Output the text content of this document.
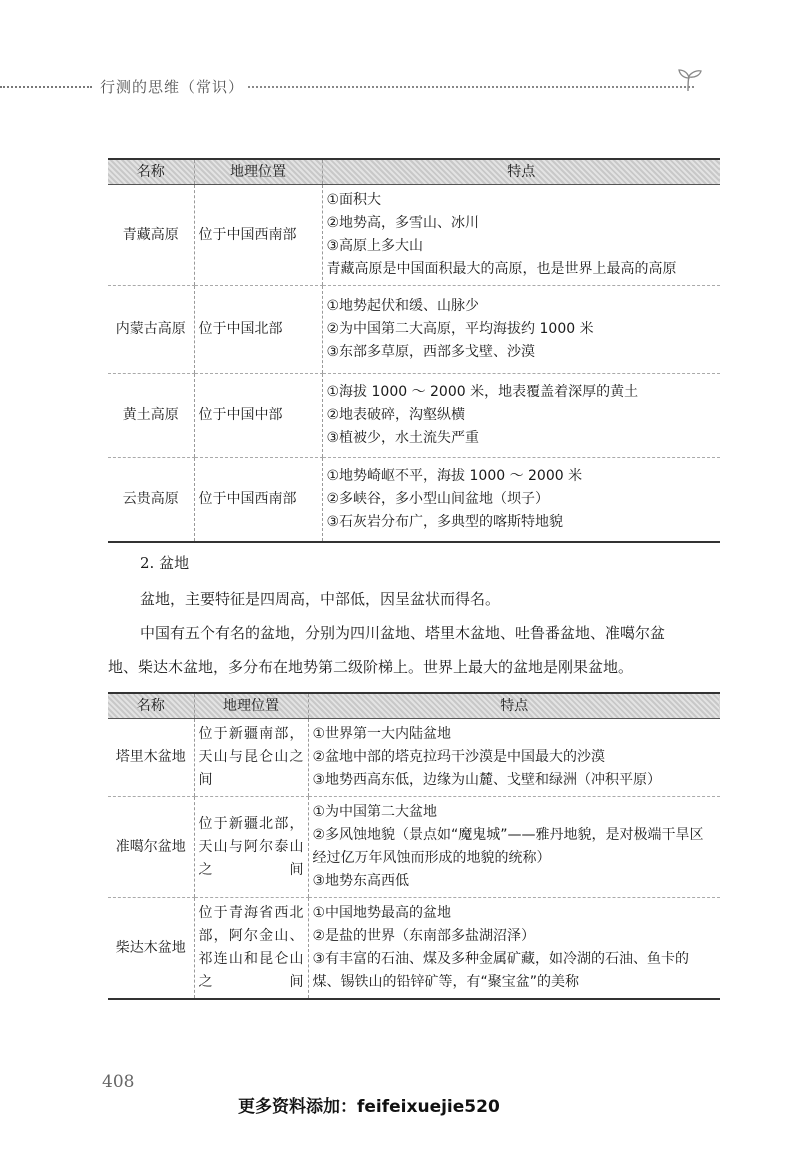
行测的思维（常识）
名称	地理位置	特点
青藏高原	位于中国西南部	①面积大
②地势高，多雪山、冰川
③高原上多大山
青藏高原是中国面积最大的高原，也是世界上最高的高原

内蒙古高原	位于中国北部	①地势起伏和缓、山脉少
②为中国第二大高原，平均海拔约 1000 米
③东部多草原，西部多戈壁、沙漠

黄土高原	位于中国中部	①海拔 1000 ～ 2000 米，地表覆盖着深厚的黄土
②地表破碎，沟壑纵横
③植被少，水土流失严重

云贵高原	位于中国西南部	①地势崎岖不平，海拔 1000 ～ 2000 米
②多峡谷，多小型山间盆地（坝子）
③石灰岩分布广，多典型的喀斯特地貌
2. 盆地
盆地，主要特征是四周高，中部低，因呈盆状而得名。
中国有五个有名的盆地，分别为四川盆地、塔里木盆地、吐鲁番盆地、准噶尔盆
地、柴达木盆地，多分布在地势第二级阶梯上。世界上最大的盆地是刚果盆地。
名称	地理位置	特点
塔里木盆地	位于新疆南部，天山与昆仑山之间	①世界第一大内陆盆地
②盆地中部的塔克拉玛干沙漠是中国最大的沙漠
③地势西高东低，边缘为山麓、戈壁和绿洲（冲积平原）

准噶尔盆地	位于新疆北部，天山与阿尔泰山之间	①为中国第二大盆地
②多风蚀地貌（景点如“魔鬼城”——雅丹地貌，是对极端干旱区经过亿万年风蚀而形成的地貌的统称）
③地势东高西低

柴达木盆地	位于青海省西北部，阿尔金山、祁连山和昆仑山之间	①中国地势最高的盆地
②是盐的世界（东南部多盐湖沼泽）
③有丰富的石油、煤及多种金属矿藏，如冷湖的石油、鱼卡的煤、锡铁山的铅锌矿等，有“聚宝盆”的美称
408
更多资料添加：feifeixuejie520
